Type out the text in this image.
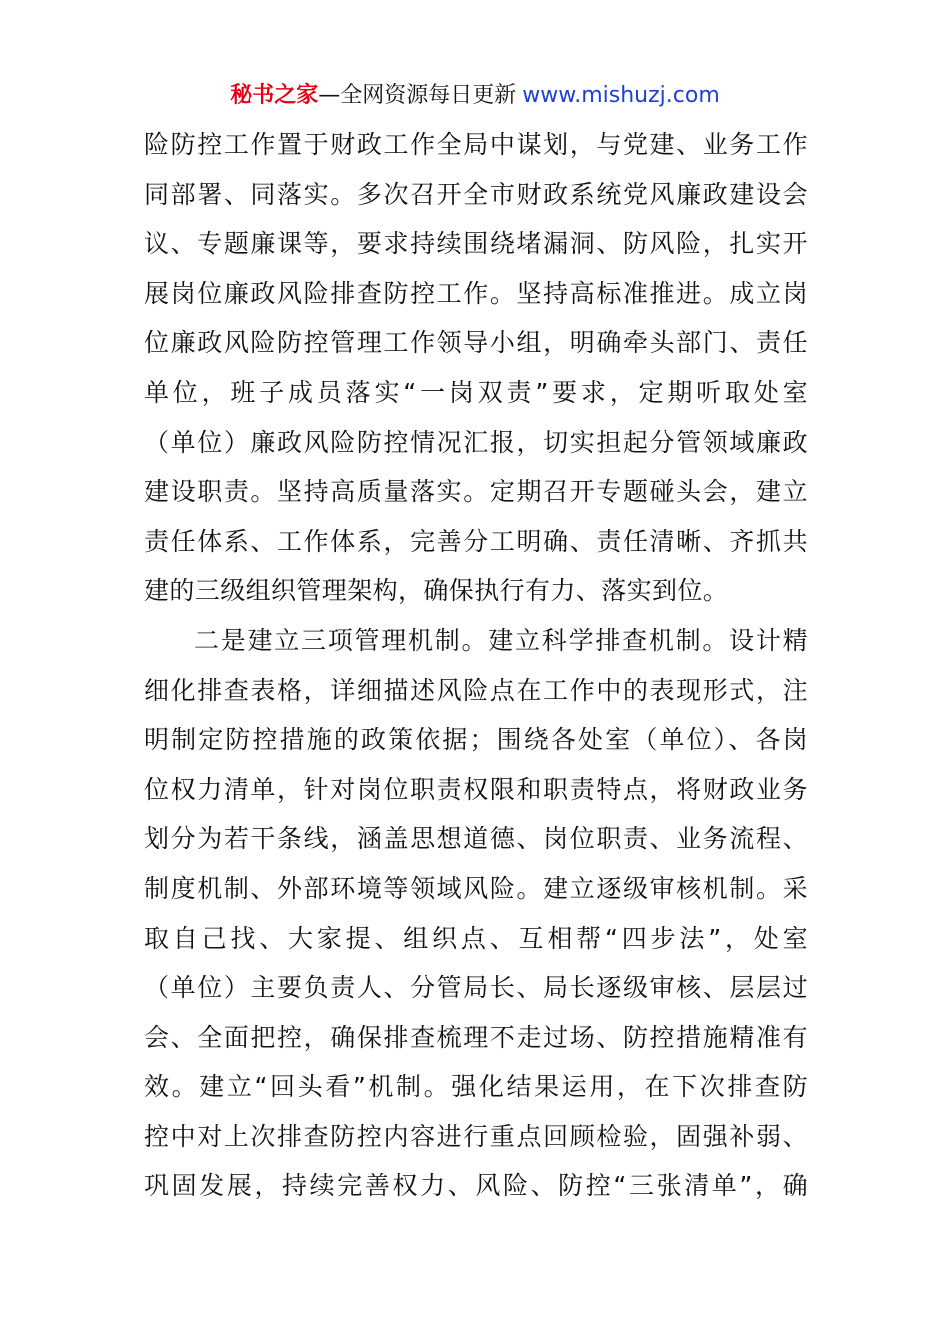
秘书之家—全网资源每日更新 www.mishuzj.com
险防控工作置于财政工作全局中谋划，与党建、业务工作
同部署、同落实。多次召开全市财政系统党风廉政建设会
议、专题廉课等，要求持续围绕堵漏洞、防风险，扎实开
展岗位廉政风险排查防控工作。坚持高标准推进。成立岗
位廉政风险防控管理工作领导小组，明确牵头部门、责任
单位，班子成员落实“一岗双责”要求，定期听取处室
（单位）廉政风险防控情况汇报，切实担起分管领域廉政
建设职责。坚持高质量落实。定期召开专题碰头会，建立
责任体系、工作体系，完善分工明确、责任清晰、齐抓共
建的三级组织管理架构，确保执行有力、落实到位。
二是建立三项管理机制。建立科学排查机制。设计精
细化排查表格，详细描述风险点在工作中的表现形式，注
明制定防控措施的政策依据；围绕各处室（单位）、各岗
位权力清单，针对岗位职责权限和职责特点，将财政业务
划分为若干条线，涵盖思想道德、岗位职责、业务流程、
制度机制、外部环境等领域风险。建立逐级审核机制。采
取自己找、大家提、组织点、互相帮“四步法”，处室
（单位）主要负责人、分管局长、局长逐级审核、层层过
会、全面把控，确保排查梳理不走过场、防控措施精准有
效。建立“回头看”机制。强化结果运用，在下次排查防
控中对上次排查防控内容进行重点回顾检验，固强补弱、
巩固发展，持续完善权力、风险、防控“三张清单”，确
